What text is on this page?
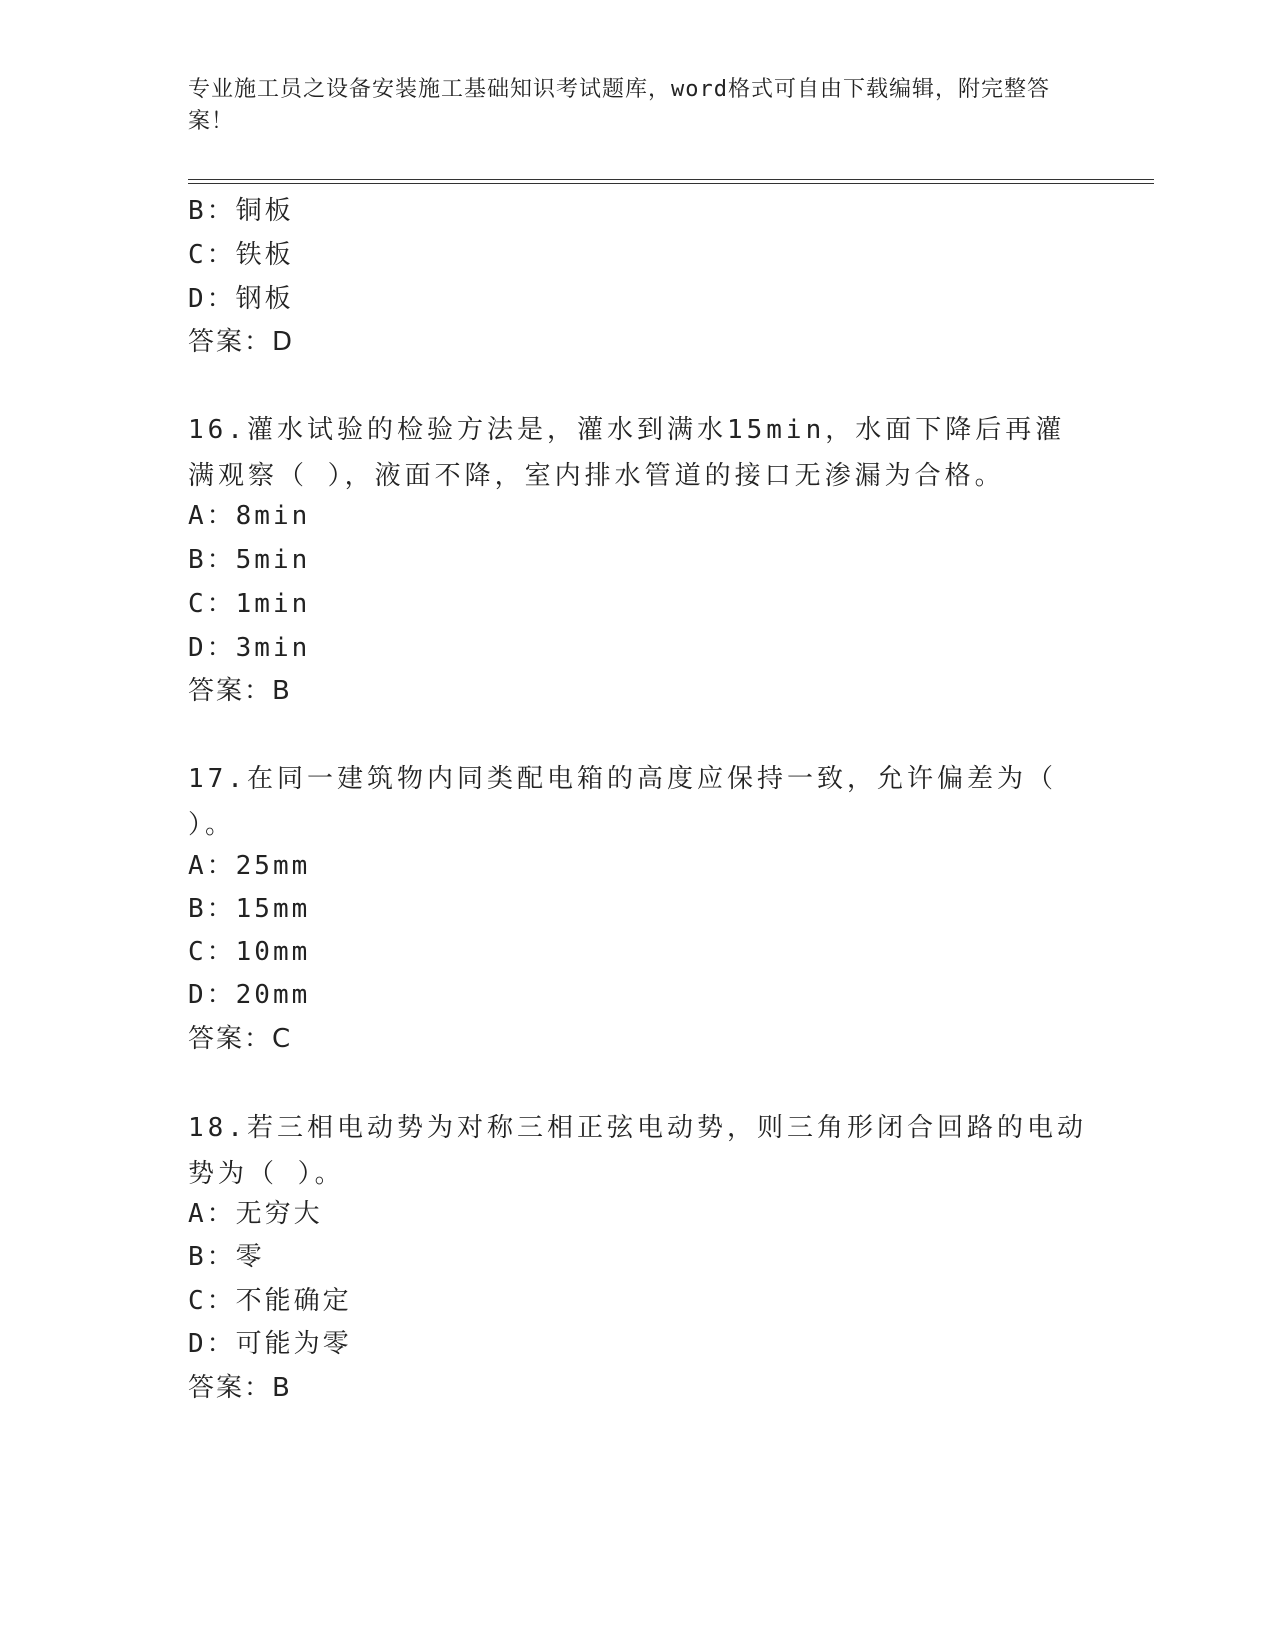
专业施工员之设备安装施工基础知识考试题库，word格式可自由下载编辑，附完整答案！
B：铜板
C：铁板
D：钢板
答案：D
16.灌水试验的检验方法是，灌水到满水15min，水面下降后再灌满观察（ ），液面不降，室内排水管道的接口无渗漏为合格。
A：8min
B：5min
C：1min
D：3min
答案：B
17.在同一建筑物内同类配电箱的高度应保持一致，允许偏差为（ ）。
A：25mm
B：15mm
C：10mm
D：20mm
答案：C
18.若三相电动势为对称三相正弦电动势，则三角形闭合回路的电动势为（ ）。
A：无穷大
B：零
C：不能确定
D：可能为零
答案：B
